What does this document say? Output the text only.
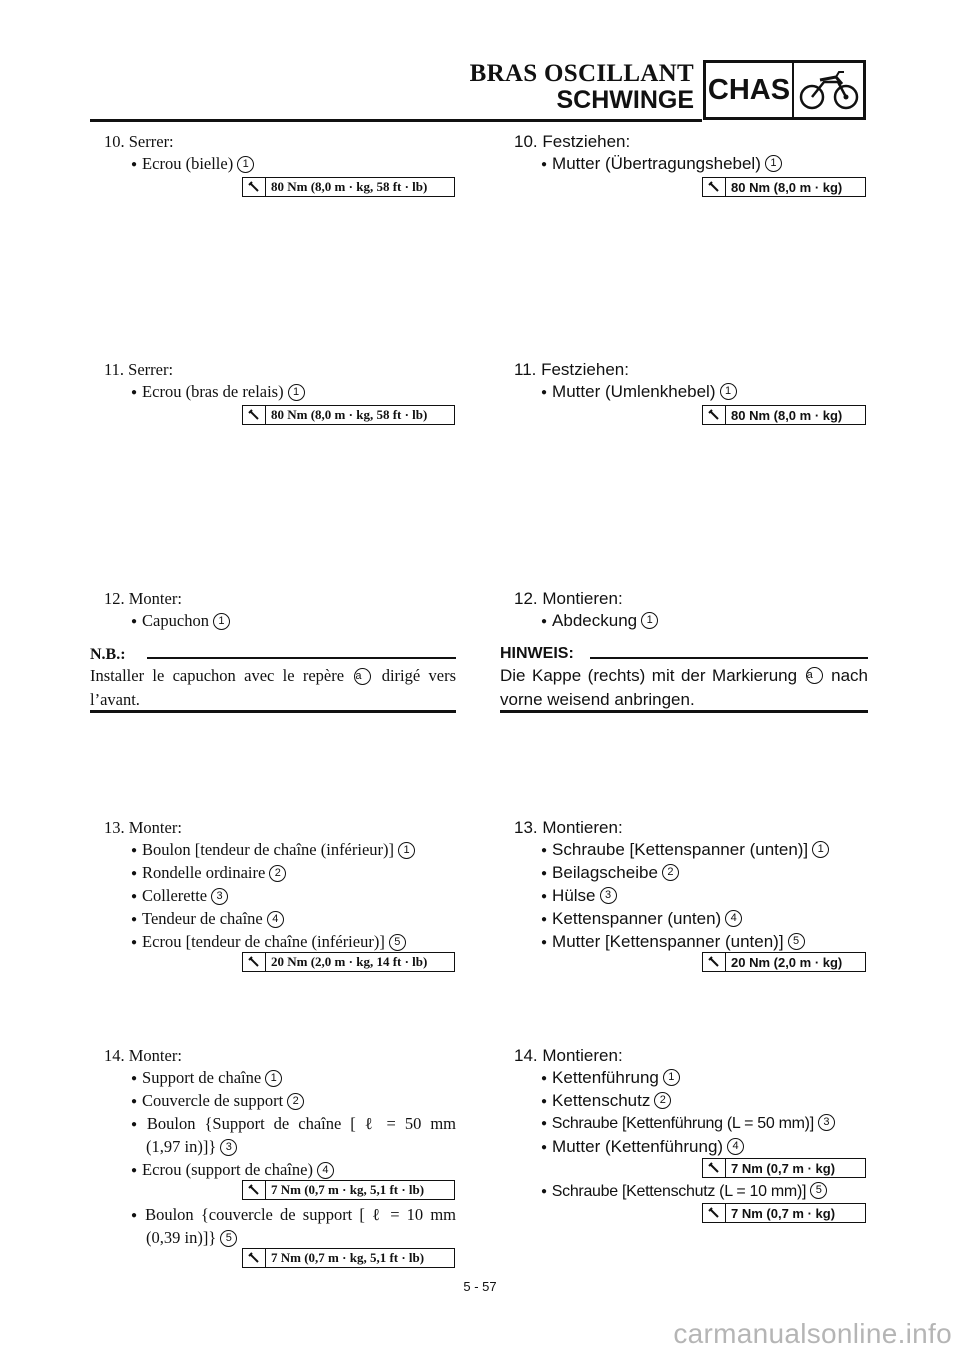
BRAS OSCILLANT
SCHWINGE CHAS
10. Serrer:
● Ecrou (bielle) 1
80 Nm (8,0 m · kg, 58 ft · lb)
11. Serrer:
● Ecrou (bras de relais) 1
80 Nm (8,0 m · kg, 58 ft · lb)
12. Monter:
● Capuchon 1
N.B.:
Installer le capuchon avec le repère a dirigé vers
l’avant.
13. Monter:
● Boulon [tendeur de chaîne (inférieur)] 1
● Rondelle ordinaire 2
● Collerette 3
● Tendeur de chaîne 4
● Ecrou [tendeur de chaîne (inférieur)] 5
20 Nm (2,0 m · kg, 14 ft · lb)
14. Monter:
● Support de chaîne 1
● Couvercle de support 2
● Boulon {Support de chaîne [ ℓ = 50 mm
(1,97 in)]} 3
● Ecrou (support de chaîne) 4
7 Nm (0,7 m · kg, 5,1 ft · lb)
● Boulon {couvercle de support [ ℓ = 10 mm
(0,39 in)]} 5
7 Nm (0,7 m · kg, 5,1 ft · lb)
10. Festziehen:
● Mutter (Übertragungshebel) 1
80 Nm (8,0 m · kg)
11. Festziehen:
● Mutter (Umlenkhebel) 1
80 Nm (8,0 m · kg)
12. Montieren:
● Abdeckung 1
HINWEIS:
Die Kappe (rechts) mit der Markierung a nach
vorne weisend anbringen.
13. Montieren:
● Schraube [Kettenspanner (unten)] 1
● Beilagscheibe 2
● Hülse 3
● Kettenspanner (unten) 4
● Mutter [Kettenspanner (unten)] 5
20 Nm (2,0 m · kg)
14. Montieren:
● Kettenführung 1
● Kettenschutz 2
● Schraube [Kettenführung (L = 50 mm)] 3
● Mutter (Kettenführung) 4
7 Nm (0,7 m · kg)
● Schraube [Kettenschutz (L = 10 mm)] 5
7 Nm (0,7 m · kg)
5 - 57
carmanualsonline.info
